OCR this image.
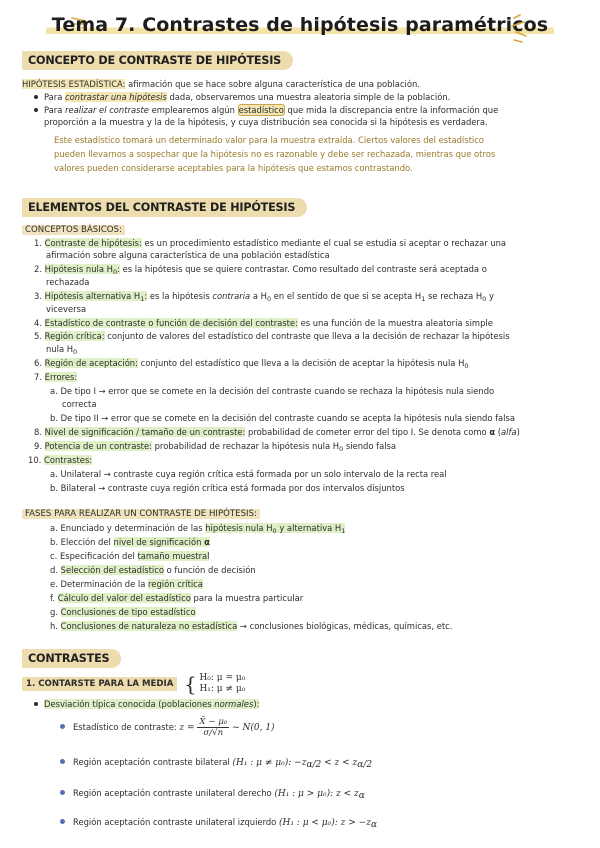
Tema 7. Contrastes de hipótesis paramétricos
CONCEPTO DE CONTRASTE DE HIPÓTESIS
HIPÓTESIS ESTADÍSTICA: afirmación que se hace sobre alguna característica de una población.
Para contrastar una hipótesis dada, observaremos una muestra aleatoria simple de la población.
Para realizar el contraste emplearemos algún estadístico que mida la discrepancia entre la información que
proporción a la muestra y la de la hipótesis, y cuya distribución sea conocida si la hipótesis es verdadera.
Este estadístico tomará un determinado valor para la muestra extraída. Ciertos valores del estadístico
pueden llevarnos a sospechar que la hipótesis no es razonable y debe ser rechazada, mientras que otros
valores pueden considerarse aceptables para la hipótesis que estamos contrastando.
ELEMENTOS DEL CONTRASTE DE HIPÓTESIS
CONCEPTOS BÁSICOS:
1. Contraste de hipótesis: es un procedimiento estadístico mediante el cual se estudia si aceptar o rechazar una
afirmación sobre alguna característica de una población estadística
2. Hipótesis nula $H_0$: es la hipótesis que se quiere contrastar. Como resultado del contraste será aceptada o
rechazada
3. Hipótesis alternativa $H_1$: es la hipótesis contraria a $H_0$ en el sentido de que si se acepta $H_1$ se rechaza $H_0$ y
viceversa
4. Estadístico de contraste o función de decisión del contraste: es una función de la muestra aleatoria simple
5. Región crítica: conjunto de valores del estadístico del contraste que lleva a la decisión de rechazar la hipótesis
nula $H_0$
6. Región de aceptación: conjunto del estadístico que lleva a la decisión de aceptar la hipótesis nula $H_0$
7. Errores:
a. De tipo I → error que se comete en la decisión del contraste cuando se rechaza la hipótesis nula siendo
correcta
b. De tipo II → error que se comete en la decisión del contraste cuando se acepta la hipótesis nula siendo falsa
8. Nivel de significación / tamaño de un contraste: probabilidad de cometer error del tipo I. Se denota como α (alfa)
9. Potencia de un contraste: probabilidad de rechazar la hipótesis nula $H_0$ siendo falsa
10. Contrastes:
a. Unilateral → contraste cuya región crítica está formada por un solo intervalo de la recta real
b. Bilateral → contraste cuya región crítica está formada por dos intervalos disjuntos
FASES PARA REALIZAR UN CONTRASTE DE HIPÓTESIS:
a. Enunciado y determinación de las hipótesis nula $H_0$ y alternativa $H_1$
b. Elección del nivel de significación α
c. Especificación del tamaño muestral
d. Selección del estadístico o función de decisión
e. Determinación de la región crítica
f. Cálculo del valor del estadístico para la muestra particular
g. Conclusiones de tipo estadístico
h. Conclusiones de naturaleza no estadística → conclusiones biológicas, médicas, químicas, etc.
CONTRASTES
1. CONTARSTE PARA LA MEDIA { H₀: μ = μ₀
H₁: μ ≠ μ₀
Desviación típica conocida (poblaciones normales):
Estadístico de contraste: $z = \frac{\text{X̄ − μ₀}}{\sigma/√n}$ ~ N(0, 1)
Región aceptación contraste bilateral (H₁ : μ ≠ μ₀): −zα/2 < z < zα/2
Región aceptación contraste unilateral derecho (H₁ : μ > μ₀): z < zα
Región aceptación contraste unilateral izquierdo (H₁ : μ < μ₀): z > −zα
